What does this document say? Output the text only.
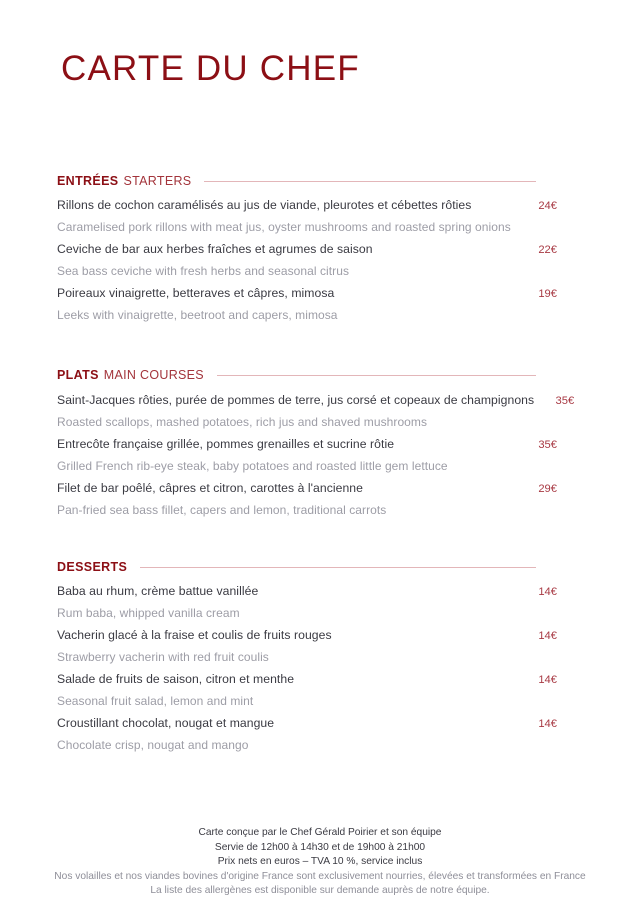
CARTE DU CHEF
ENTRÉES STARTERS
Rillons de cochon caramélisés au jus de viande, pleurotes et cébettes rôties	24€
Caramelised pork rillons with meat jus, oyster mushrooms and roasted spring onions
Ceviche de bar aux herbes fraîches et agrumes de saison	22€
Sea bass ceviche with fresh herbs and seasonal citrus
Poireaux vinaigrette, betteraves et câpres, mimosa	19€
Leeks with vinaigrette, beetroot and capers, mimosa
PLATS MAIN COURSES
Saint-Jacques rôties, purée de pommes de terre, jus corsé et copeaux de champignons	35€
Roasted scallops, mashed potatoes, rich jus and shaved mushrooms
Entrecôte française grillée, pommes grenailles et sucrine rôtie	35€
Grilled French rib-eye steak, baby potatoes and roasted little gem lettuce
Filet de bar poêlé, câpres et citron, carottes à l'ancienne	29€
Pan-fried sea bass fillet, capers and lemon, traditional carrots
DESSERTS
Baba au rhum, crème battue vanillée	14€
Rum baba, whipped vanilla cream
Vacherin glacé à la fraise et coulis de fruits rouges	14€
Strawberry vacherin with red fruit coulis
Salade de fruits de saison, citron et menthe	14€
Seasonal fruit salad, lemon and mint
Croustillant chocolat, nougat et mangue	14€
Chocolate crisp, nougat and mango
Carte conçue par le Chef Gérald Poirier et son équipe
Servie de 12h00 à 14h30 et de 19h00 à 21h00
Prix nets en euros – TVA 10 %, service inclus
Nos volailles et nos viandes bovines d'origine France sont exclusivement nourries, élevées et transformées en France
La liste des allergènes est disponible sur demande auprès de notre équipe.
